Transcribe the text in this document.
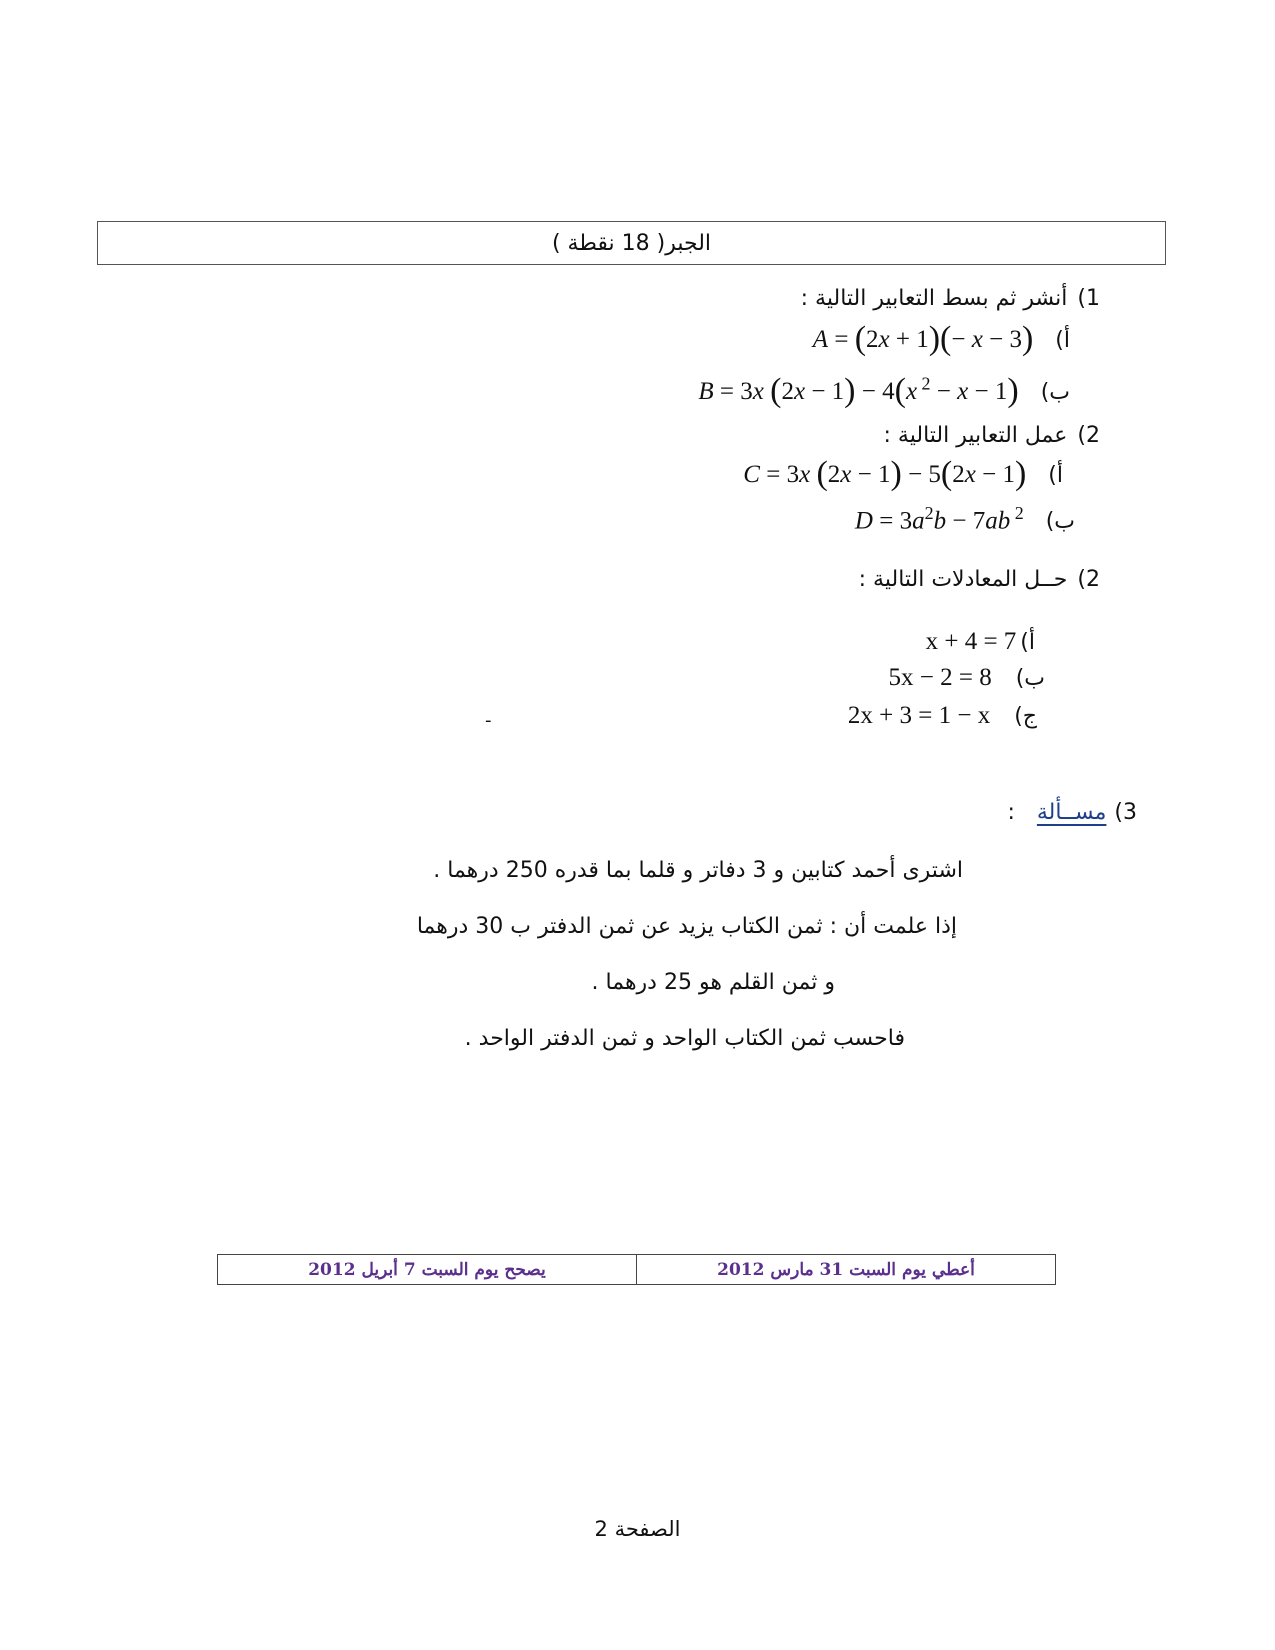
الجبر( 18 نقطة )
1)
أنشر ثم بسط التعابير التالية :
أ)
A = (2x + 1)(− x − 3)
ب)
B = 3x (2x − 1) − 4(x $^2$ − x − 1)
2)
عمل التعابير التالية :
أ)
C = 3x (2x − 1) − 5(2x − 1)
ب)
$D = 3a^2b - 7ab$ $^2$
2)
حــل المعادلات التالية :
أ)
x + 4 = 7
ب)
5x − 2 = 8
ج)
2x + 3 = 1 − x
-
3)
مســألة
:
اشترى أحمد كتابين و 3 دفاتر و قلما بما قدره 250 درهما .
إذا علمت أن : ثمن الكتاب يزيد عن ثمن الدفتر ب 30 درهما
و ثمن القلم هو 25 درهما .
فاحسب ثمن الكتاب الواحد و ثمن الدفتر الواحد .
يصحح يوم السبت 7 أبريل 2012	أعطي يوم السبت 31 مارس 2012
الصفحة 2
